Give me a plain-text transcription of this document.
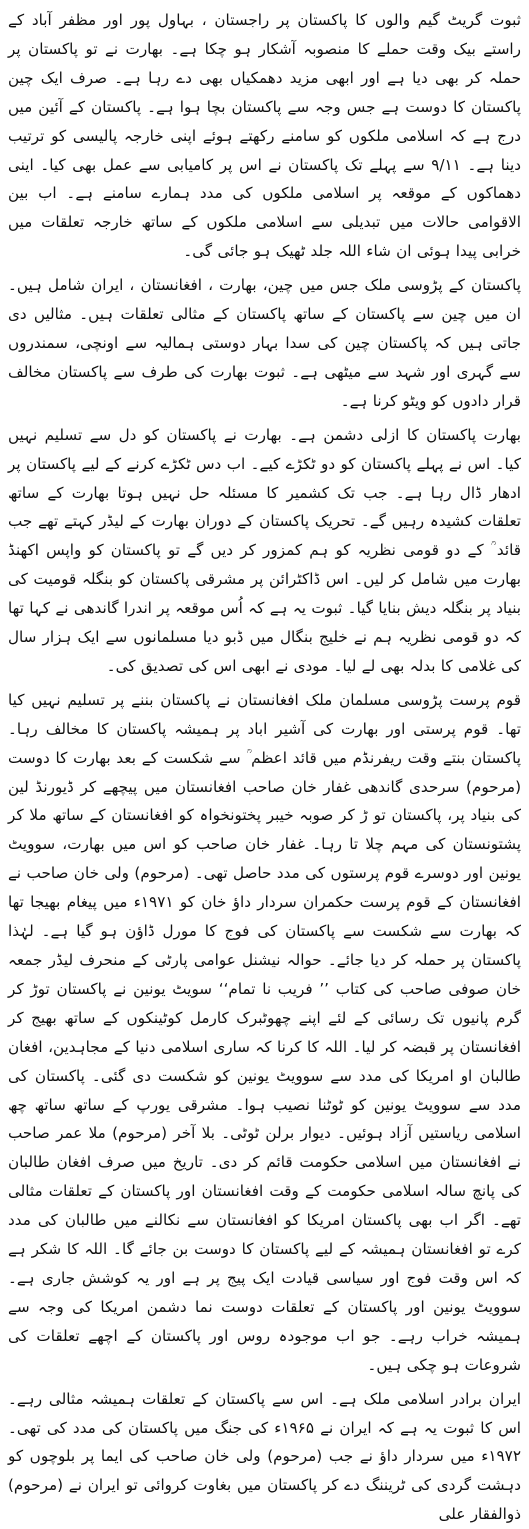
ثبوت گریٹ گیم والوں کا پاکستان پر راجستان ، بہاول پور اور مظفر آباد کے راستے بیک وقت حملے کا منصوبہ آشکار ہو چکا ہے۔ بھارت نے تو پاکستان پر حملہ کر بھی دیا ہے اور ابھی مزید دھمکیاں بھی دے رہا ہے۔ صرف ایک چین پاکستان کا دوست ہے جس وجہ سے پاکستان بچا ہوا ہے۔ پاکستان کے آئین میں درج ہے کہ اسلامی ملکوں کو سامنے رکھتے ہوئے اپنی خارجہ پالیسی کو ترتیب دینا ہے۔ ۹/۱۱ سے پہلے تک پاکستان نے اس پر کامیابی سے عمل بھی کیا۔ اینی دھماکوں کے موقعہ پر اسلامی ملکوں کی مدد ہمارے سامنے ہے۔ اب بین الاقوامی حالات میں تبدیلی سے اسلامی ملکوں کے ساتھ خارجہ تعلقات میں خرابی پیدا ہوئی ان شاء اللہ جلد ٹھیک ہو جائی گی۔

پاکستان کے پڑوسی ملک جس میں چین، بھارت ، افغانستان ، ایران شامل ہیں۔ ان میں چین سے پاکستان کے ساتھ پاکستان کے مثالی تعلقات ہیں۔ مثالیں دی جاتی ہیں کہ پاکستان چین کی سدا بہار دوستی ہمالیہ سے اونچی، سمندروں سے گہری اور شہد سے میٹھی ہے۔ ثبوت بھارت کی طرف سے پاکستان مخالف قرار دادوں کو ویٹو کرنا ہے۔

بھارت پاکستان کا ازلی دشمن ہے۔ بھارت نے پاکستان کو دل سے تسلیم نہیں کیا۔ اس نے پہلے پاکستان کو دو ٹکڑے کیے۔ اب دس ٹکڑے کرنے کے لیے پاکستان پر ادھار ڈال رہا ہے۔ جب تک کشمیر کا مسئلہ حل نہیں ہوتا بھارت کے ساتھ تعلقات کشیدہ رہیں گے۔ تحریک پاکستان کے دوران بھارت کے لیڈر کہتے تھے جب قائد ؒ کے دو قومی نظریہ کو ہم کمزور کر دیں گے تو پاکستان کو واپس اکھنڈ بھارت میں شامل کر لیں۔ اس ڈاکٹرائن پر مشرقی پاکستان کو بنگلہ قومیت کی بنیاد پر بنگلہ دیش بنایا گیا۔ ثبوت یہ ہے کہ اُس موقعہ پر اندرا گاندھی نے کہا تھا کہ دو قومی نظریہ ہم نے خلیج بنگال میں ڈبو دیا مسلمانوں سے ایک ہزار سال کی غلامی کا بدلہ بھی لے لیا۔ مودی نے ابھی اس کی تصدیق کی۔

قوم پرست پڑوسی مسلمان ملک افغانستان نے پاکستان بننے پر تسلیم نہیں کیا تھا۔ قوم پرستی اور بھارت کی آشیر اباد پر ہمیشہ پاکستان کا مخالف رہا۔ پاکستان بنتے وقت ریفرنڈم میں قائد اعظم ؒ سے شکست کے بعد بھارت کا دوست (مرحوم) سرحدی گاندھی غفار خان صاحب افغانستان میں پیچھے کر ڈیورنڈ لین کی بنیاد پر، پاکستان تو ڑ کر صوبہ خیبر پختونخواہ کو افغانستان کے ساتھ ملا کر پشتونستان کی مہم چلا تا رہا۔ غفار خان صاحب کو اس میں بھارت، سوویٹ یونین اور دوسرے قوم پرستوں کی مدد حاصل تھی۔ (مرحوم) ولی خان صاحب نے افغانستان کے قوم پرست حکمران سردار داؤ خان کو ۱۹۷۱ء میں پیغام بھیجا تھا کہ بھارت سے شکست سے پاکستان کی فوج کا مورل ڈاؤن ہو گیا ہے۔ لہٰذا پاکستان پر حملہ کر دیا جائے۔ حوالہ نیشنل عوامی پارٹی کے منحرف لیڈر جمعہ خان صوفی صاحب کی کتاب ’’ فریب نا تمام‘‘ سویٹ یونین نے پاکستان توڑ کر گرم پانیوں تک رسائی کے لئے اپنے چھوٹبرک کارمل کوٹینکوں کے ساتھ بھیج کر افغانستان پر قبضہ کر لیا۔ اللہ کا کرنا کہ ساری اسلامی دنیا کے مجاہدین، افغان طالبان او امریکا کی مدد سے سوویٹ یونین کو شکست دی گئی۔ پاکستان کی مدد سے سوویٹ یونین کو ٹوٹنا نصیب ہوا۔ مشرقی یورپ کے ساتھ ساتھ چھ اسلامی ریاستیں آزاد ہوئیں۔ دیوار برلن ٹوٹی۔ بلا آخر (مرحوم) ملا عمر صاحب نے افغانستان میں اسلامی حکومت قائم کر دی۔ تاریخ میں صرف افغان طالبان کی پانچ سالہ اسلامی حکومت کے وقت افغانستان اور پاکستان کے تعلقات مثالی تھے۔ اگر اب بھی پاکستان امریکا کو افغانستان سے نکالنے میں طالبان کی مدد کرے تو افغانستان ہمیشہ کے لیے پاکستان کا دوست بن جائے گا۔ اللہ کا شکر ہے کہ اس وقت فوج اور سیاسی قیادت ایک پیج پر ہے اور یہ کوشش جاری ہے۔ سوویٹ یونین اور پاکستان کے تعلقات دوست نما دشمن امریکا کی وجہ سے ہمیشہ خراب رہے۔ جو اب موجودہ روس اور پاکستان کے اچھے تعلقات کی شروعات ہو چکی ہیں۔

ایران برادر اسلامی ملک ہے۔ اس سے پاکستان کے تعلقات ہمیشہ مثالی رہے۔ اس کا ثبوت یہ ہے کہ ایران نے ۱۹۶۵ء کی جنگ میں پاکستان کی مدد کی تھی۔ ۱۹۷۲ء میں سردار داؤ نے جب (مرحوم) ولی خان صاحب کی ایما پر بلوچوں کو دہشت گردی کی ٹریننگ دے کر پاکستان میں بغاوت کروائی تو ایران نے (مرحوم) ذوالفقار علی
